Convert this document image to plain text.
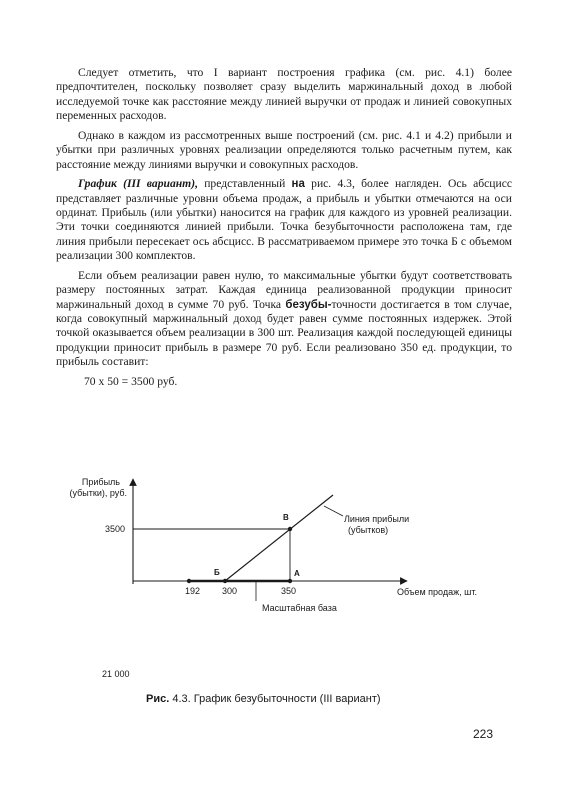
Следует отметить, что I вариант построения графика (см. рис. 4.1) более предпочтителен, поскольку позволяет сразу выделить маржинальный доход в любой исследуемой точке как расстояние между линией выручки от продаж и линией совокупных переменных расходов.

Однако в каждом из рассмотренных выше построений (см. рис. 4.1 и 4.2) прибыли и убытки при различных уровнях реализации определяются только расчетным путем, как расстояние между линиями выручки и совокупных расходов.

График (III вариант), представленный на рис. 4.3, более нагляден. Ось абсцисс представляет различные уровни объема продаж, а прибыль и убытки отмечаются на оси ординат. Прибыль (или убытки) наносится на график для каждого из уровней реализации. Эти точки соединяются линией прибыли. Точка безубыточности расположена там, где линия прибыли пересекает ось абсцисс. В рассматриваемом примере это точка Б с объемом реализации 300 комплектов.

Если объем реализации равен нулю, то максимальные убытки будут соответствовать размеру постоянных затрат. Каждая единица реализованной продукции приносит маржинальный доход в сумме 70 руб. Точка безубы-точности достигается в том случае, когда совокупный маржинальный доход будет равен сумме постоянных издержек. Этой точкой оказывается объем реализации в 300 шт. Реализация каждой последующей единицы продукции приносит прибыль в размере 70 руб. Если реализовано 350 ед. продукции, то прибыль составит:

70 х 50 = 3500 руб.

Прибыль
(убытки), руб.
Объем продаж, шт.
3500
192 300	350
Б	А
В	Линия прибыли
(убытков)
Масштабная база
21 000
Рис. 4.3. График безубыточности (III вариант)
223
